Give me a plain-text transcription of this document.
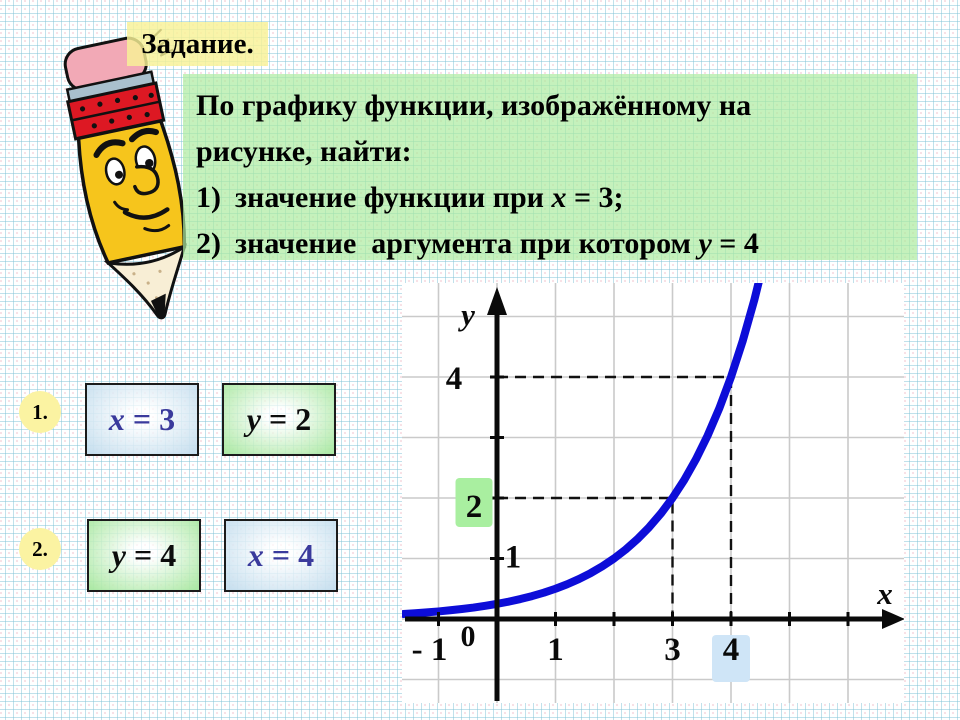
Задание.
По графику функции, изображённому на
рисунке, найти:
1) значение функции при x = 3;
2) значение  аргумента при котором y = 4
1. x = 3 y = 2
2. y = 4 x = 4
- 1	1	3 4
1
2
4
y
x
0
